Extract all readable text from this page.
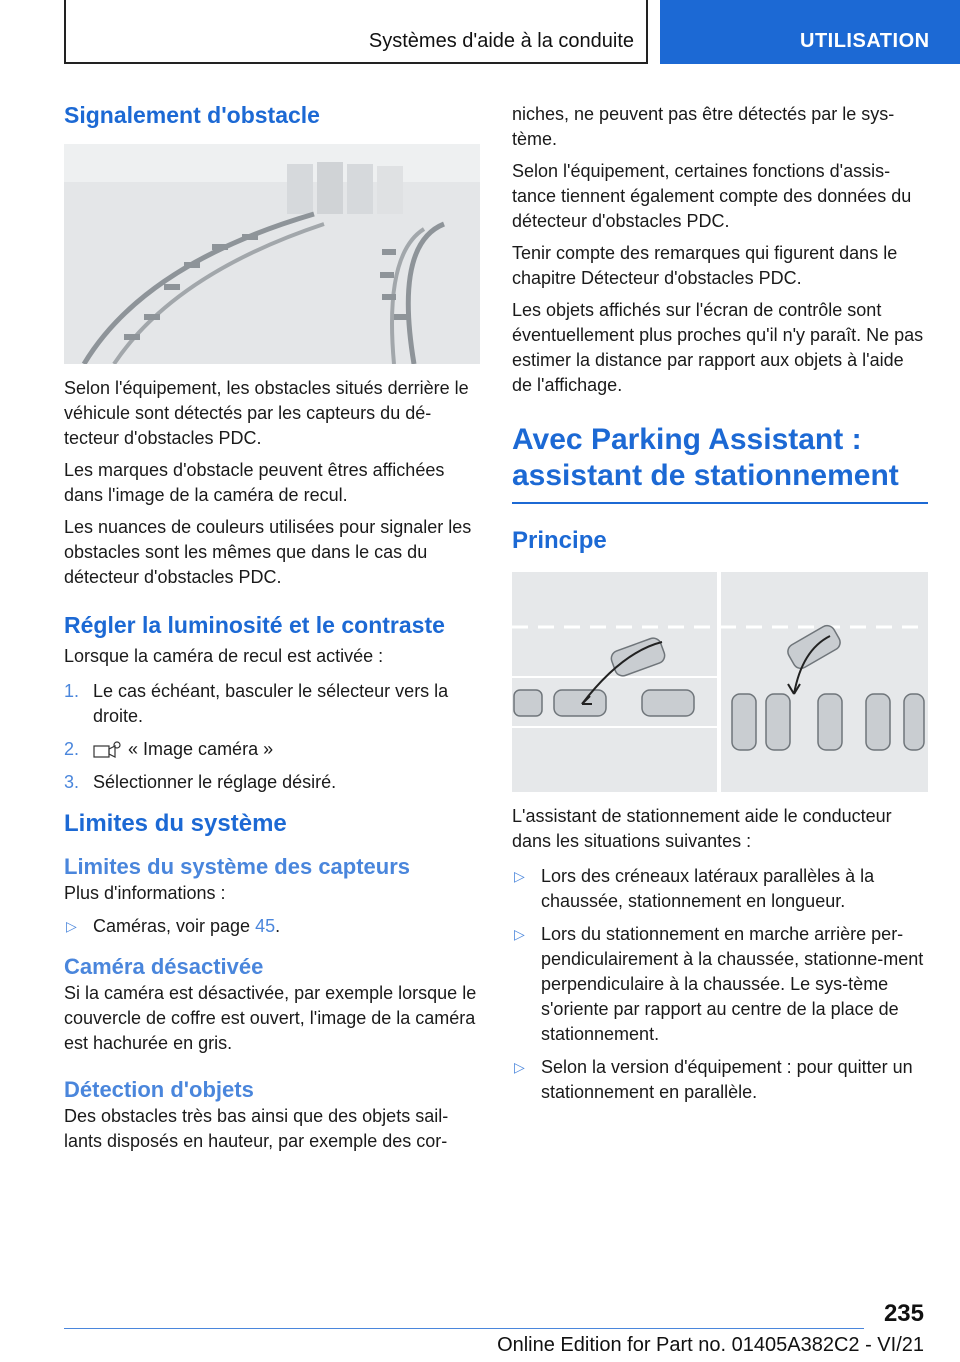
Systèmes d'aide à la conduite	UTILISATION
Signalement d'obstacle

Selon l'équipement, les obstacles situés derrière le véhicule sont détectés par les capteurs du dé-tecteur d'obstacles PDC.

Les marques d'obstacle peuvent êtres affichées dans l'image de la caméra de recul.

Les nuances de couleurs utilisées pour signaler les obstacles sont les mêmes que dans le cas du détecteur d'obstacles PDC.

Régler la luminosité et le contraste

Lorsque la caméra de recul est activée :

1. Le cas échéant, basculer le sélecteur vers la droite.
2.	« Image caméra »
3. Sélectionner le réglage désiré.
Limites du système
Limites du système des capteurs

Plus d'informations :

▷ Caméras, voir page 45.
Caméra désactivée

Si la caméra est désactivée, par exemple lorsque le couvercle de coffre est ouvert, l'image de la caméra est hachurée en gris.

Détection d'objets

Des obstacles très bas ainsi que des objets sail-lants disposés en hauteur, par exemple des cor-

niches, ne peuvent pas être détectés par le sys-tème.

Selon l'équipement, certaines fonctions d'assis-tance tiennent également compte des données du détecteur d'obstacles PDC.

Tenir compte des remarques qui figurent dans le chapitre Détecteur d'obstacles PDC.

Les objets affichés sur l'écran de contrôle sont éventuellement plus proches qu'il n'y paraît. Ne pas estimer la distance par rapport aux objets à l'aide de l'affichage.

Avec Parking Assistant : assistant de stationnement
Principe

L'assistant de stationnement aide le conducteur dans les situations suivantes :

▷ Lors des créneaux latéraux parallèles à la chaussée, stationnement en longueur.
▷ Lors du stationnement en marche arrière per-pendiculairement à la chaussée, stationne-ment perpendiculaire à la chaussée. Le sys-tème s'oriente par rapport au centre de la place de stationnement.
▷ Selon la version d'équipement : pour quitter un stationnement en parallèle.
235
Online Edition for Part no. 01405A382C2 - VI/21
